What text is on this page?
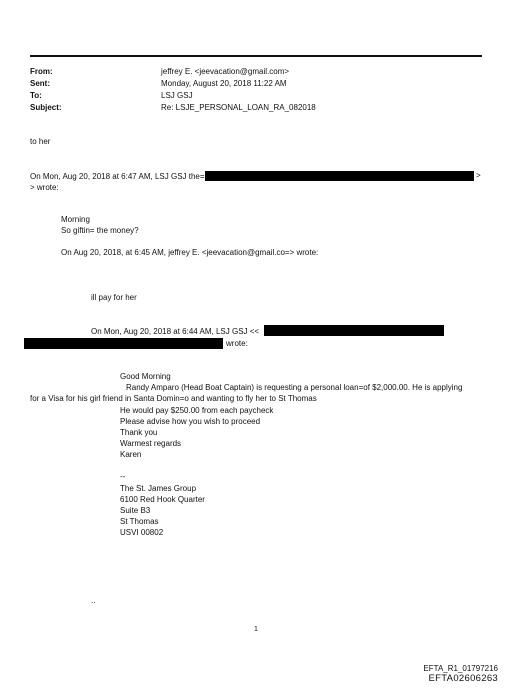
From:	jeffrey E. <jeevacation@gmail.com>
Sent:	Monday, August 20, 2018 11:22 AM
To:	LSJ GSJ
Subject:	Re: LSJE_PERSONAL_LOAN_RA_082018
to her
On Mon, Aug 20, 2018 at 6:47 AM, LSJ GSJ the=	>
> wrote:
Morning
So giftin= the money?
On Aug 20, 2018, at 6:45 AM, jeffrey E. <jeevacation@gmail.co=> wrote:
ill pay for her
On Mon, Aug 20, 2018 at 6:44 AM, LSJ GSJ <<
wrote:
Good Morning
Randy Amparo (Head Boat Captain) is requesting a personal loan=of $2,000.00. He is applying
for a Visa for his girl friend in Santa Domin=o and wanting to fly her to St Thomas
He would pay $250.00 from each paycheck
Please advise how you wish to proceed
Thank you
Warmest regards
Karen
--
The St. James Group
6100 Red Hook Quarter
Suite B3
St Thomas
USVI 00802
..
1
EFTA_R1_01797216
EFTA02606263
